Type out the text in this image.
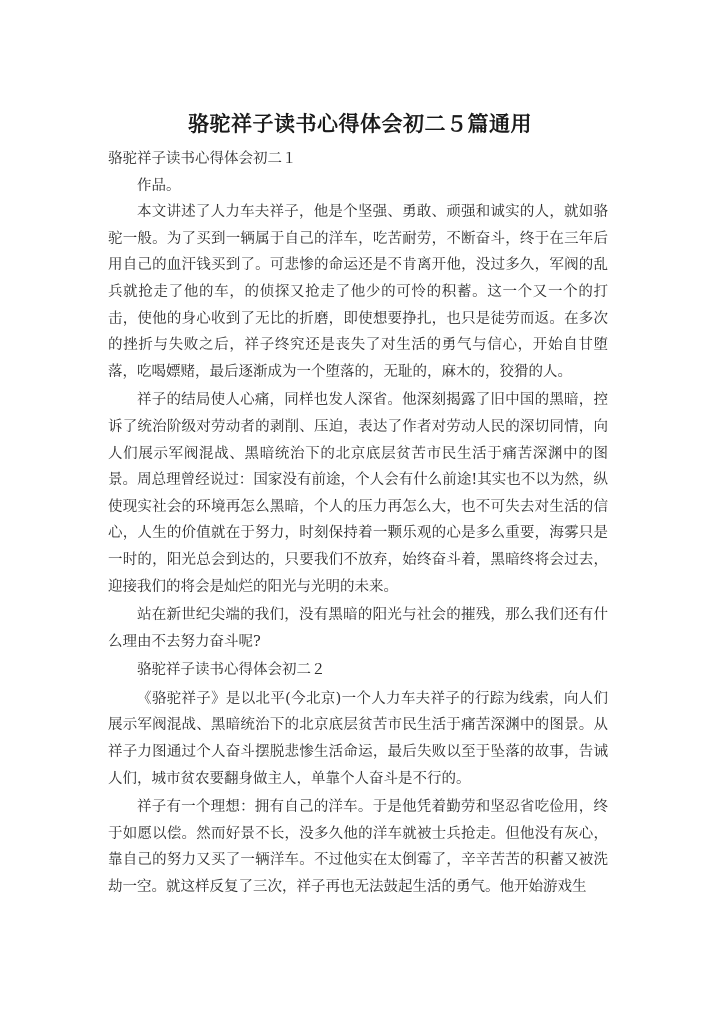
骆驼祥子读书心得体会初二５篇通用

骆驼祥子读书心得体会初二１

作品。

本文讲述了人力车夫祥子，他是个坚强、勇敢、顽强和诚实的人，就如骆驼一般。为了买到一辆属于自己的洋车，吃苦耐劳，不断奋斗，终于在三年后用自己的血汗钱买到了。可悲惨的命运还是不肯离开他，没过多久，军阀的乱兵就抢走了他的车，的侦探又抢走了他少的可怜的积蓄。这一个又一个的打击，使他的身心收到了无比的折磨，即使想要挣扎，也只是徒劳而返。在多次的挫折与失败之后，祥子终究还是丧失了对生活的勇气与信心，开始自甘堕落，吃喝嫖赌，最后逐渐成为一个堕落的，无耻的，麻木的，狡猾的人。

祥子的结局使人心痛，同样也发人深省。他深刻揭露了旧中国的黑暗，控诉了统治阶级对劳动者的剥削、压迫，表达了作者对劳动人民的深切同情，向人们展示军阀混战、黑暗统治下的北京底层贫苦市民生活于痛苦深渊中的图景。周总理曾经说过：国家没有前途，个人会有什么前途!其实也不以为然，纵使现实社会的环境再怎么黑暗，个人的压力再怎么大，也不可失去对生活的信心，人生的价值就在于努力，时刻保持着一颗乐观的心是多么重要，海雾只是一时的，阳光总会到达的，只要我们不放弃，始终奋斗着，黑暗终将会过去，迎接我们的将会是灿烂的阳光与光明的未来。

站在新世纪尖端的我们，没有黑暗的阳光与社会的摧残，那么我们还有什么理由不去努力奋斗呢?

骆驼祥子读书心得体会初二２

《骆驼祥子》是以北平(今北京)一个人力车夫祥子的行踪为线索，向人们展示军阀混战、黑暗统治下的北京底层贫苦市民生活于痛苦深渊中的图景。从祥子力图通过个人奋斗摆脱悲惨生活命运，最后失败以至于坠落的故事，告诫人们，城市贫农要翻身做主人，单靠个人奋斗是不行的。

祥子有一个理想：拥有自己的洋车。于是他凭着勤劳和坚忍省吃俭用，终于如愿以偿。然而好景不长，没多久他的洋车就被士兵抢走。但他没有灰心，靠自己的努力又买了一辆洋车。不过他实在太倒霉了，辛辛苦苦的积蓄又被洗劫一空。就这样反复了三次，祥子再也无法鼓起生活的勇气。他开始游戏生
